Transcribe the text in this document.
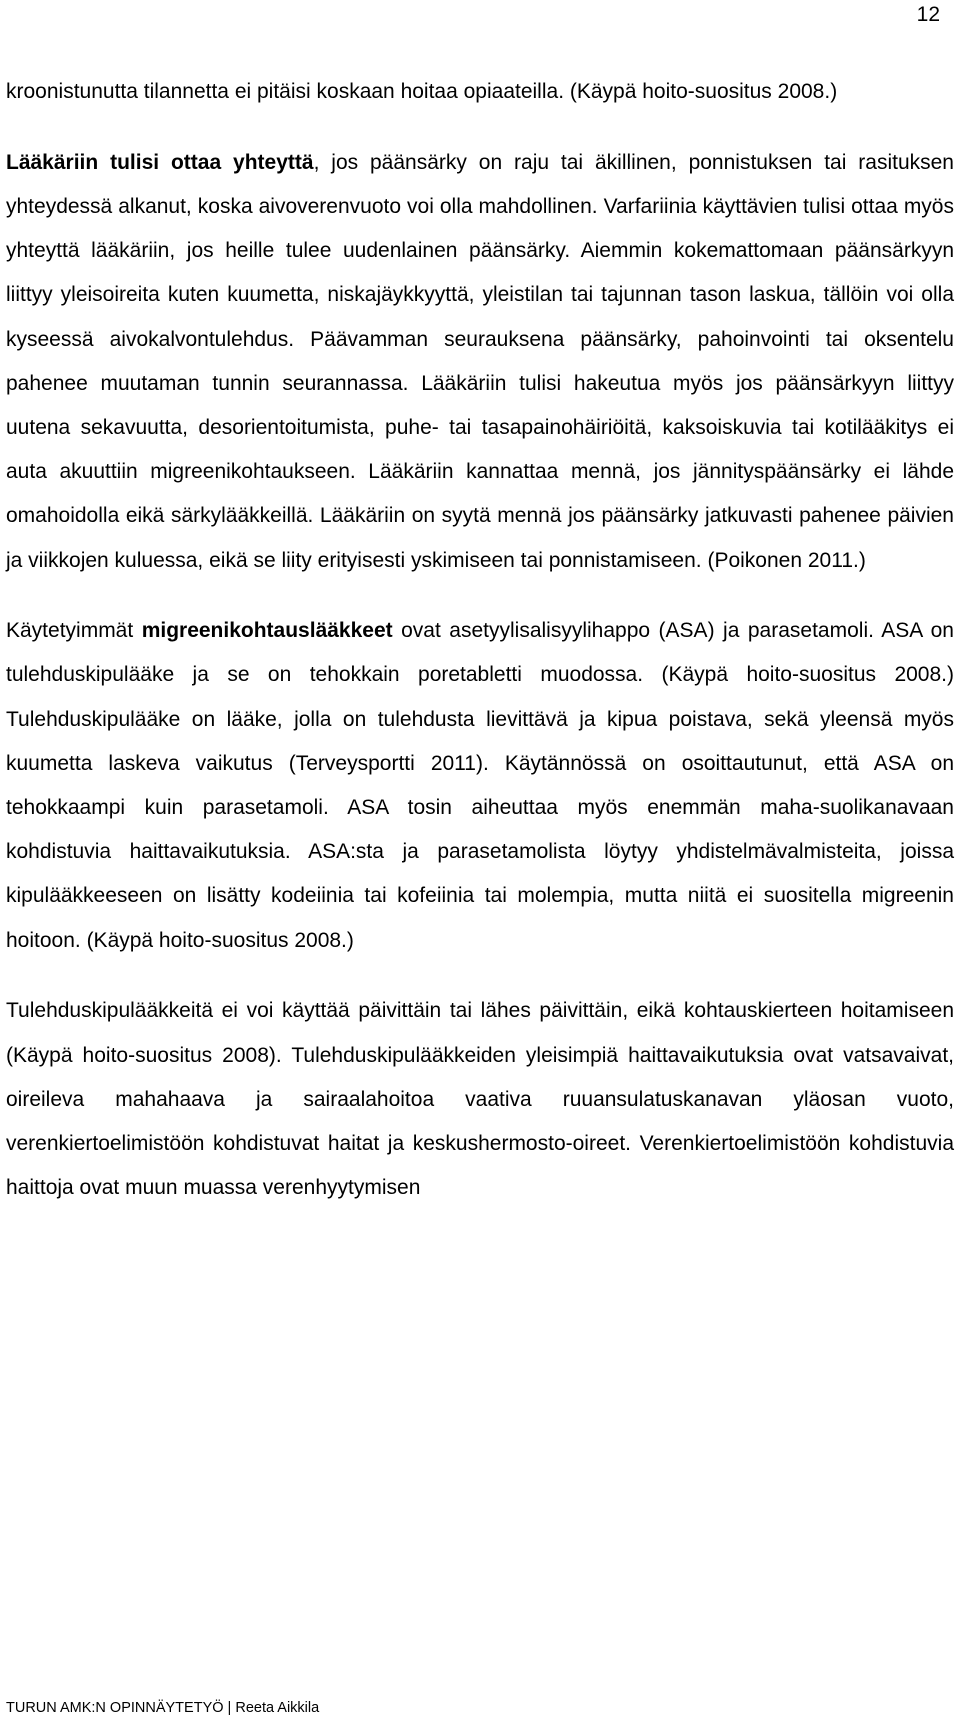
12

kroonistunutta tilannetta ei pitäisi koskaan hoitaa opiaateilla. (Käypä hoito-suositus 2008.)

Lääkäriin tulisi ottaa yhteyttä, jos päänsärky on raju tai äkillinen, ponnistuksen tai rasituksen yhteydessä alkanut, koska aivoverenvuoto voi olla mahdollinen. Varfariinia käyttävien tulisi ottaa myös yhteyttä lääkäriin, jos heille tulee uudenlainen päänsärky. Aiemmin kokemattomaan päänsärkyyn liittyy yleisoireita kuten kuumetta, niskajäykkyyttä, yleistilan tai tajunnan tason laskua, tällöin voi olla kyseessä aivokalvontulehdus. Päävamman seurauksena päänsärky, pahoinvointi tai oksentelu pahenee muutaman tunnin seurannassa. Lääkäriin tulisi hakeutua myös jos päänsärkyyn liittyy uutena sekavuutta, desorientoitumista, puhe- tai tasapainohäiriöitä, kaksoiskuvia tai kotilääkitys ei auta akuuttiin migreenikohtaukseen. Lääkäriin kannattaa mennä, jos jännityspäänsärky ei lähde omahoidolla eikä särkylääkkeillä. Lääkäriin on syytä mennä jos päänsärky jatkuvasti pahenee päivien ja viikkojen kuluessa, eikä se liity erityisesti yskimiseen tai ponnistamiseen. (Poikonen 2011.)

Käytetyimmät migreenikohtauslääkkeet ovat asetyylisalisyylihappo (ASA) ja parasetamoli. ASA on tulehduskipulääke ja se on tehokkain poretabletti muodossa. (Käypä hoito-suositus 2008.) Tulehduskipulääke on lääke, jolla on tulehdusta lievittävä ja kipua poistava, sekä yleensä myös kuumetta laskeva vaikutus (Terveysportti 2011). Käytännössä on osoittautunut, että ASA on tehokkaampi kuin parasetamoli. ASA tosin aiheuttaa myös enemmän maha-suolikanavaan kohdistuvia haittavaikutuksia. ASA:sta ja parasetamolista löytyy yhdistelmävalmisteita, joissa kipulääkkeeseen on lisätty kodeiinia tai kofeiinia tai molempia, mutta niitä ei suositella migreenin hoitoon. (Käypä hoito-suositus 2008.)

Tulehduskipulääkkeitä ei voi käyttää päivittäin tai lähes päivittäin, eikä kohtauskierteen hoitamiseen (Käypä hoito-suositus 2008). Tulehduskipulääkkeiden yleisimpiä haittavaikutuksia ovat vatsavaivat, oireileva mahahaava ja sairaalahoitoa vaativa ruuansulatuskanavan yläosan vuoto, verenkiertoelimistöön kohdistuvat haitat ja keskushermosto-oireet. Verenkiertoelimistöön kohdistuvia haittoja ovat muun muassa verenhyytymisen

TURUN AMK:N OPINNÄYTETYÖ | Reeta Aikkila
